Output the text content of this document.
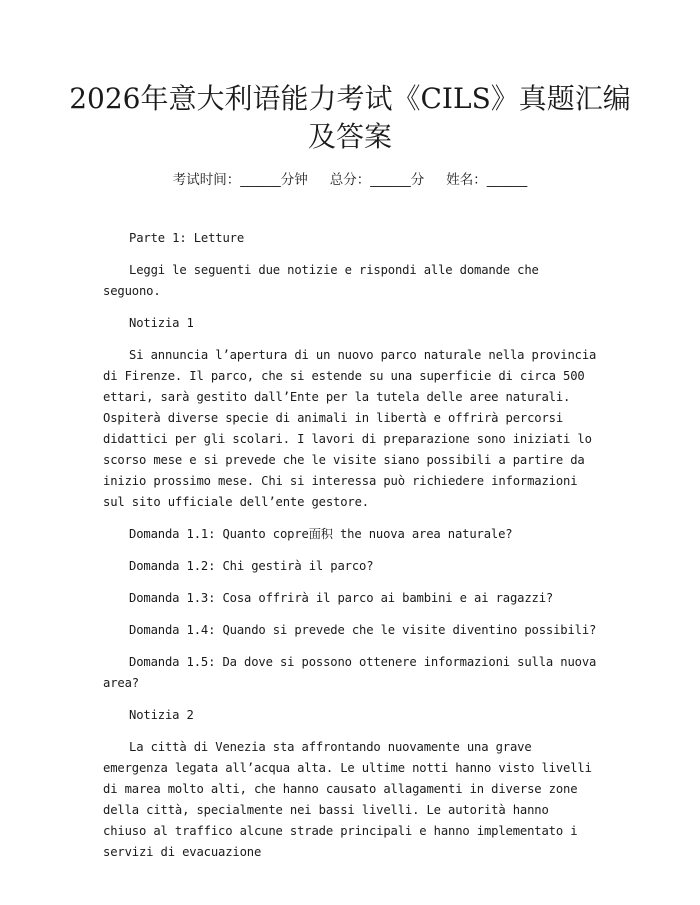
2026年意大利语能力考试《CILS》真题汇编
及答案
考试时间：______分钟 总分：______分 姓名：______

Parte 1: Letture

Leggi le seguenti due notizie e rispondi alle domande che seguono.

Notizia 1

Si annuncia l’apertura di un nuovo parco naturale nella provincia di Firenze. Il parco, che si estende su una superficie di circa 500 ettari, sarà gestito dall’Ente per la tutela delle aree naturali. Ospiterà diverse specie di animali in libertà e offrirà percorsi didattici per gli scolari. I lavori di preparazione sono iniziati lo scorso mese e si prevede che le visite siano possibili a partire da inizio prossimo mese. Chi si interessa può richiedere informazioni sul sito ufficiale dell’ente gestore.

Domanda 1.1: Quanto copre面积 the nuova area naturale?

Domanda 1.2: Chi gestirà il parco?

Domanda 1.3: Cosa offrirà il parco ai bambini e ai ragazzi?

Domanda 1.4: Quando si prevede che le visite diventino possibili?

Domanda 1.5: Da dove si possono ottenere informazioni sulla nuova area?

Notizia 2

La città di Venezia sta affrontando nuovamente una grave emergenza legata all’acqua alta. Le ultime notti hanno visto livelli di marea molto alti, che hanno causato allagamenti in diverse zone della città, specialmente nei bassi livelli. Le autorità hanno chiuso al traffico alcune strade principali e hanno implementato i servizi di evacuazione
